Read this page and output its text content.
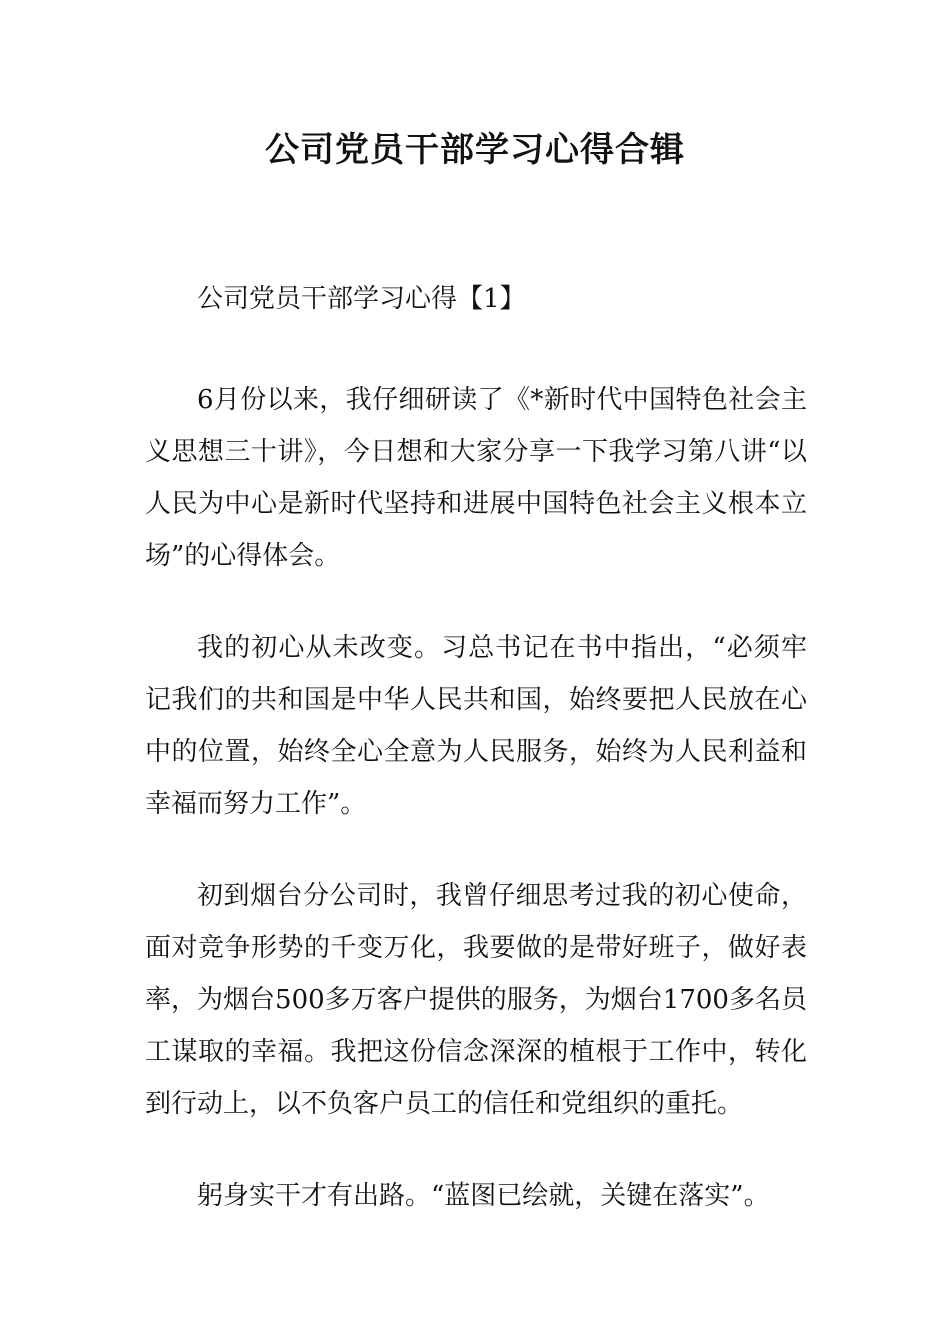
公司党员干部学习心得合辑

公司党员干部学习心得【1】

6月份以来，我仔细研读了《*新时代中国特色社会主义思想三十讲》，今日想和大家分享一下我学习第八讲“以人民为中心是新时代坚持和进展中国特色社会主义根本立场”的心得体会。

我的初心从未改变。习总书记在书中指出，“必须牢记我们的共和国是中华人民共和国，始终要把人民放在心中的位置，始终全心全意为人民服务，始终为人民利益和幸福而努力工作”。

初到烟台分公司时，我曾仔细思考过我的初心使命，面对竞争形势的千变万化，我要做的是带好班子，做好表率，为烟台500多万客户提供的服务，为烟台1700多名员工谋取的幸福。我把这份信念深深的植根于工作中，转化到行动上，以不负客户员工的信任和党组织的重托。

躬身实干才有出路。“蓝图已绘就，关键在落实”。
